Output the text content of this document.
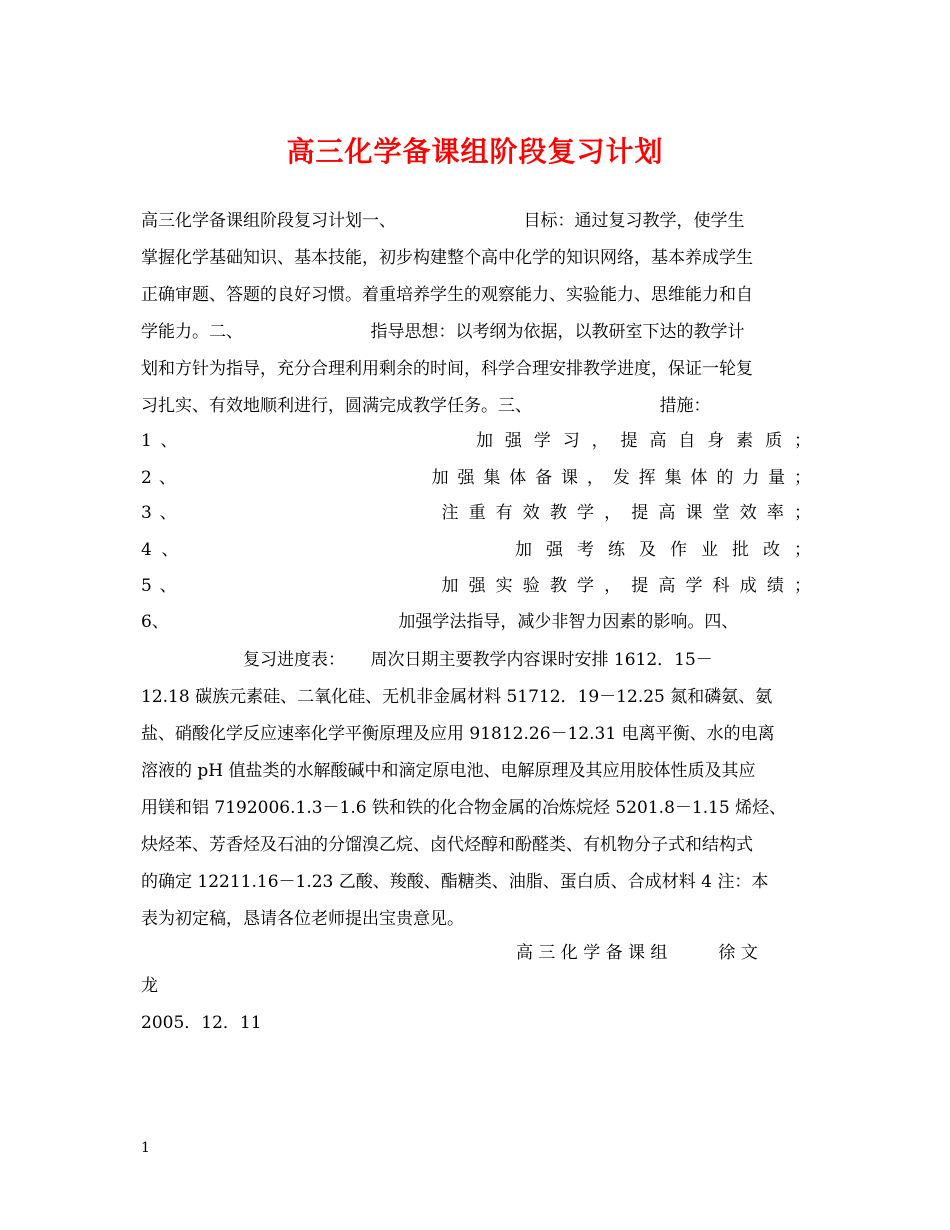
高三化学备课组阶段复习计划
高三化学备课组阶段复习计划一、　　　　　　　　目标：通过复习教学，使学生
掌握化学基础知识、基本技能，初步构建整个高中化学的知识网络，基本养成学生
正确审题、答题的良好习惯。着重培养学生的观察能力、实验能力、思维能力和自
学能力。二、　　　　　　　　指导思想：以考纲为依据，以教研室下达的教学计
划和方针为指导，充分合理利用剩余的时间，科学合理安排教学进度，保证一轮复
习扎实、有效地顺利进行，圆满完成教学任务。三、　　　　　　　　措施：
1 、　　　　　　　　　　　　　　　加 强 学 习 ， 提 高 自 身 素 质 ；
2 、　　　　　　　　　　　　　　加 强 集 体 备 课 ， 发 挥 集 体 的 力 量 ；
3 、　　　　　　　　　　　　　　注 重 有 效 教 学 ， 提 高 课 堂 效 率 ；
4 、　　　　　　　　　　　　　　　　加 强 考 练 及 作 业 批 改 ；
5 、　　　　　　　　　　　　　　加 强 实 验 教 学 ， 提 高 学 科 成 绩 ；
6、　　　　　　　　　　　　　　加强学法指导，减少非智力因素的影响。四、
　　　　　　复习进度表：　　周次日期主要教学内容课时安排 1612．15－
12.18 碳族元素硅、二氧化硅、无机非金属材料 51712．19－12.25 氮和磷氨、氨
盐、硝酸化学反应速率化学平衡原理及应用 91812.26－12.31 电离平衡、水的电离
溶液的 pH 值盐类的水解酸碱中和滴定原电池、电解原理及其应用胶体性质及其应
用镁和铝 7192006.1.3－1.6 铁和铁的化合物金属的冶炼烷烃 5201.8－1.15 烯烃、
炔烃苯、芳香烃及石油的分馏溴乙烷、卤代烃醇和酚醛类、有机物分子式和结构式
的确定 12211.16－1.23 乙酸、羧酸、酯糖类、油脂、蛋白质、合成材料 4 注：本
表为初定稿，恳请各位老师提出宝贵意见。
高 三 化 学 备 课 组　　　徐 文
龙
2005．12．11
1
